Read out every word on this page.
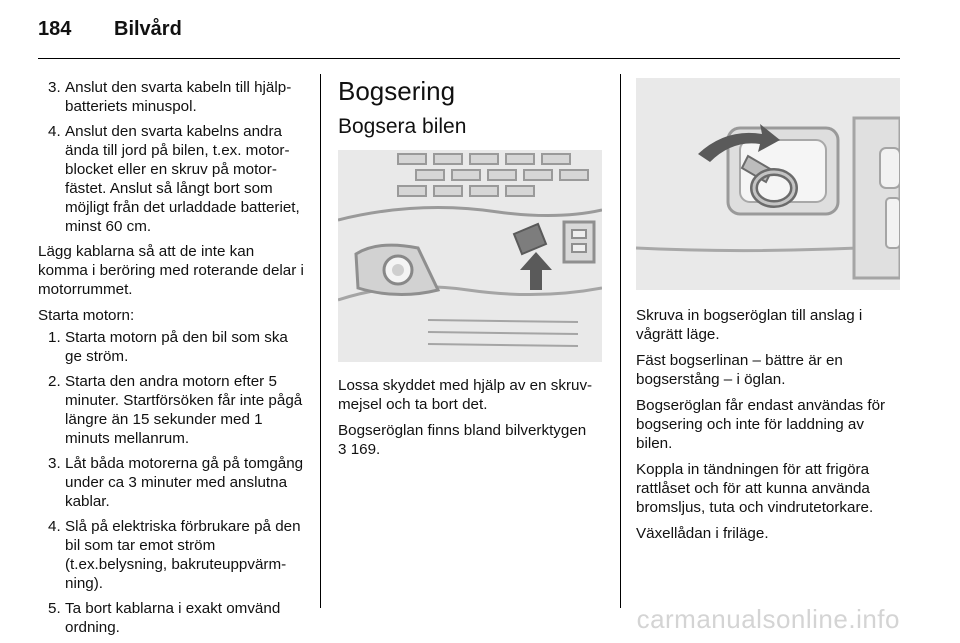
184 Bilvård
3. Anslut den svarta kabeln till hjälpbatteriets minuspol.
4. Anslut den svarta kabelns andra ända till jord på bilen, t.ex. motorblocket eller en skruv på motorfästet. Anslut så långt bort som möjligt från det urladdade batteriet, minst 60 cm.

Lägg kablarna så att de inte kan komma i beröring med roterande delar i motorrummet.

Starta motorn:

1. Starta motorn på den bil som ska ge ström.
2. Starta den andra motorn efter 5 minuter. Startförsöken får inte pågå längre än 15 sekunder med 1 minuts mellanrum.
3. Låt båda motorerna gå på tomgång under ca 3 minuter med anslutna kablar.
4. Slå på elektriska förbrukare på den bil som tar emot ström (t.ex.belysning, bakruteuppvärmning).
5. Ta bort kablarna i exakt omvänd ordning.
Bogsering
Bogsera bilen

Lossa skyddet med hjälp av en skruvmejsel och ta bort det.

Bogseröglan finns bland bilverktygen
3 169.

Skruva in bogseröglan till anslag i vågrätt läge.

Fäst bogserlinan – bättre är en bogserstång – i öglan.

Bogseröglan får endast användas för bogsering och inte för laddning av bilen.

Koppla in tändningen för att frigöra rattlåset och för att kunna använda bromsljus, tuta och vindrutetorkare.

Växellådan i friläge.

carmanualsonline.info
